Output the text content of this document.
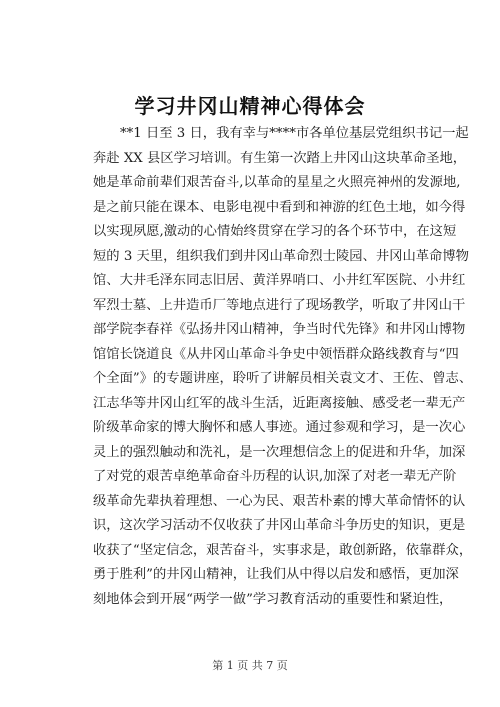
学习井冈山精神心得体会
**1 日至 3 日，我有幸与****市各单位基层党组织书记一起
奔赴 XX 县区学习培训。有生第一次踏上井冈山这块革命圣地，
她是革命前辈们艰苦奋斗,以革命的星星之火照亮神州的发源地,
是之前只能在课本、电影电视中看到和神游的红色土地，如今得
以实现夙愿,激动的心情始终贯穿在学习的各个环节中，在这短
短的 3 天里，组织我们到井冈山革命烈士陵园、井冈山革命博物
馆、大井毛泽东同志旧居、黄洋界哨口、小井红军医院、小井红
军烈士墓、上井造币厂等地点进行了现场教学，听取了井冈山干
部学院李春祥《弘扬井冈山精神，争当时代先锋》和井冈山博物
馆馆长饶道良《从井冈山革命斗争史中领悟群众路线教育与“四
个全面”》的专题讲座，聆听了讲解员相关袁文才、王佐、曾志、
江志华等井冈山红军的战斗生活，近距离接触、感受老一辈无产
阶级革命家的博大胸怀和感人事迹。通过参观和学习，是一次心
灵上的强烈触动和洗礼，是一次理想信念上的促进和升华，加深
了对党的艰苦卓绝革命奋斗历程的认识,加深了对老一辈无产阶
级革命先辈执着理想、一心为民、艰苦朴素的博大革命情怀的认
识，这次学习活动不仅收获了井冈山革命斗争历史的知识，更是
收获了“坚定信念，艰苦奋斗，实事求是，敢创新路，依靠群众，
勇于胜利”的井冈山精神，让我们从中得以启发和感悟，更加深
刻地体会到开展“两学一做”学习教育活动的重要性和紧迫性，
第 1 页 共 7 页
